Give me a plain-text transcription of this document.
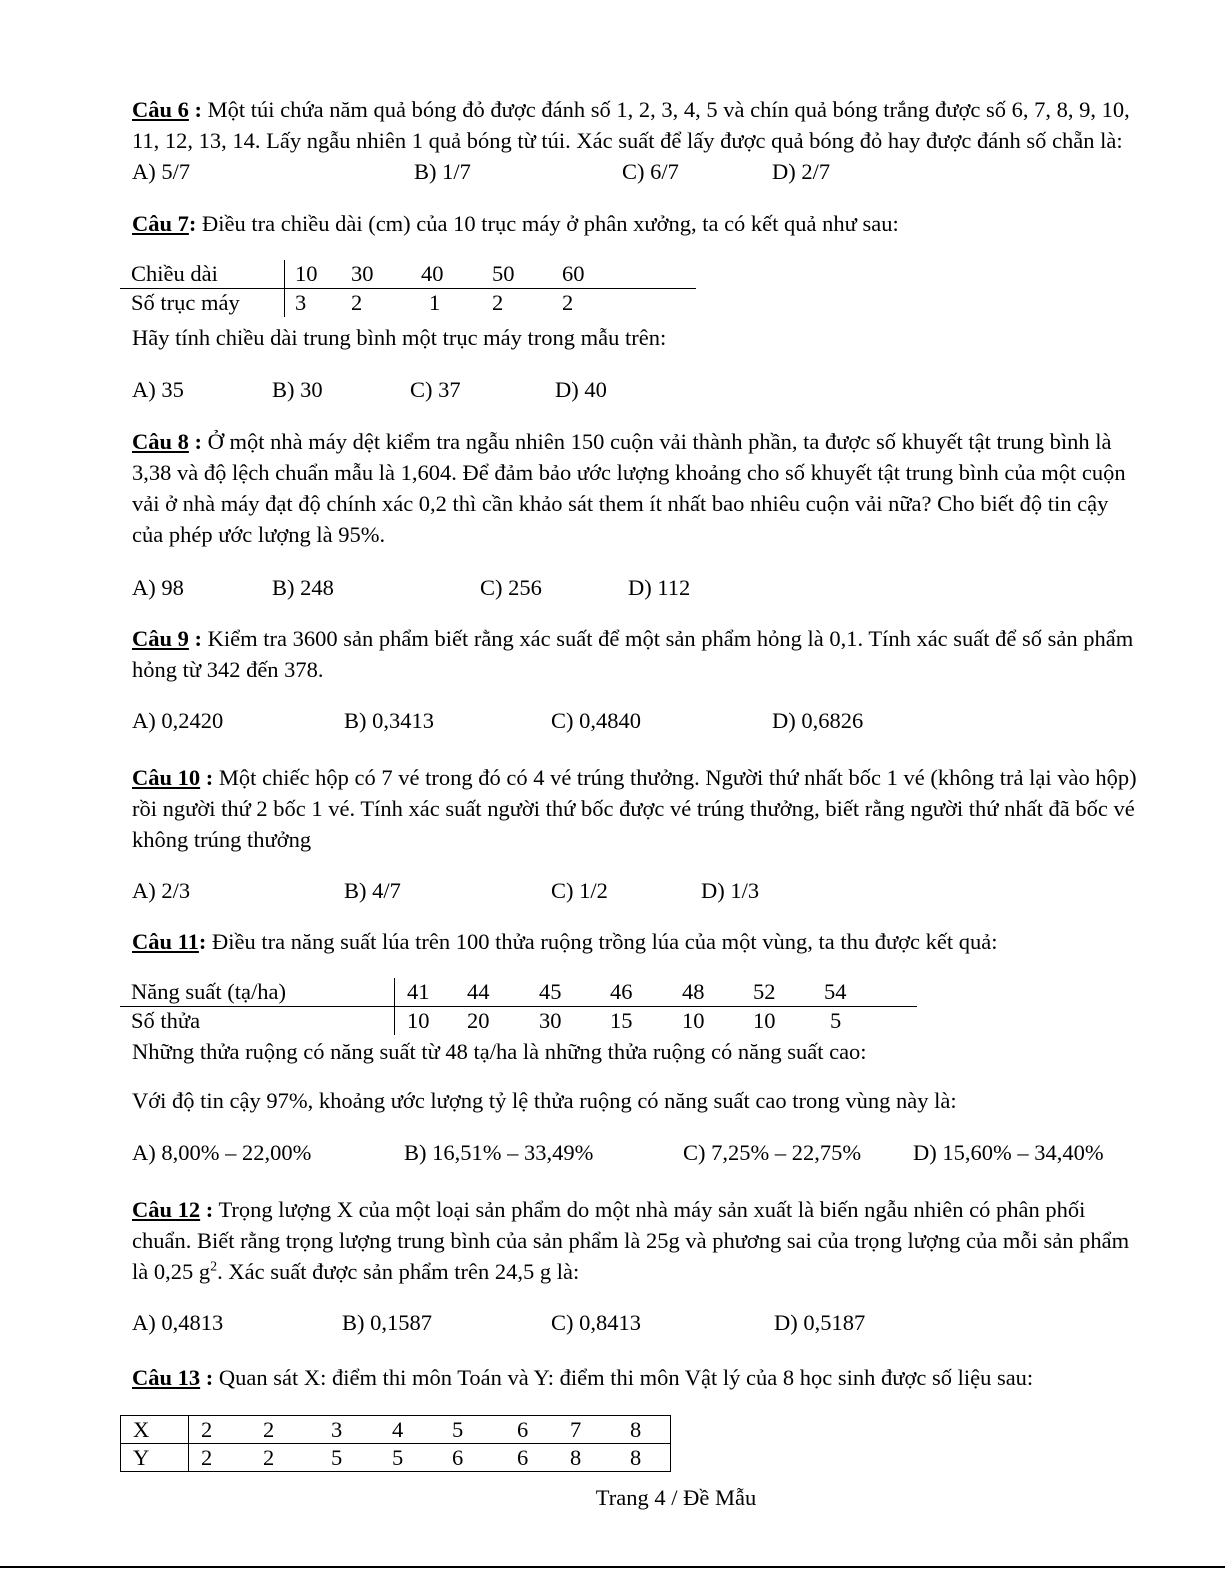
Câu 6 : Một túi chứa năm quả bóng đỏ được đánh số 1, 2, 3, 4, 5 và chín quả bóng trắng được số 6, 7, 8, 9, 10, 11, 12, 13, 14. Lấy ngẫu nhiên 1 quả bóng từ túi. Xác suất để lấy được quả bóng đỏ hay được đánh số chẵn là: A) 5/7	B) 1/7	C) 6/7	D) 2/7

Câu 7: Điều tra chiều dài (cm) của 10 trục máy ở phân xưởng, ta có kết quả như sau:

Chiều dài	10	30	40	50	60
Số trục máy	3	2	1	2	2
Hãy tính chiều dài trung bình một trục máy trong mẫu trên:
A) 35	B) 30	C) 37	D) 40

Câu 8 : Ở một nhà máy dệt kiểm tra ngẫu nhiên 150 cuộn vải thành phần, ta được số khuyết tật trung bình là 3,38 và độ lệch chuẩn mẫu là 1,604. Để đảm bảo ước lượng khoảng cho số khuyết tật trung bình của một cuộn vải ở nhà máy đạt độ chính xác 0,2 thì cần khảo sát them ít nhất bao nhiêu cuộn vải nữa? Cho biết độ tin cậy của phép ước lượng là 95%.

A) 98	B) 248	C) 256	D) 112

Câu 9 : Kiểm tra 3600 sản phẩm biết rằng xác suất để một sản phẩm hỏng là 0,1. Tính xác suất để số sản phẩm hỏng từ 342 đến 378.

A) 0,2420	B) 0,3413	C) 0,4840	D) 0,6826

Câu 10 : Một chiếc hộp có 7 vé trong đó có 4 vé trúng thưởng. Người thứ nhất bốc 1 vé (không trả lại vào hộp) rồi người thứ 2 bốc 1 vé. Tính xác suất người thứ bốc được vé trúng thưởng, biết rằng người thứ nhất đã bốc vé không trúng thưởng

A) 2/3	B) 4/7	C) 1/2	D) 1/3

Câu 11: Điều tra năng suất lúa trên 100 thửa ruộng trồng lúa của một vùng, ta thu được kết quả:

Năng suất (tạ/ha)	41	44	45	46	48	52	54
Số thửa	10	20	30	15	10	10	5
Những thửa ruộng có năng suất từ 48 tạ/ha là những thửa ruộng có năng suất cao:
Với độ tin cậy 97%, khoảng ước lượng tỷ lệ thửa ruộng có năng suất cao trong vùng này là:
A) 8,00% – 22,00%	B) 16,51% – 33,49%	C) 7,25% – 22,75% D) 15,60% – 34,40%

Câu 12 : Trọng lượng X của một loại sản phẩm do một nhà máy sản xuất là biến ngẫu nhiên có phân phối chuẩn. Biết rằng trọng lượng trung bình của sản phẩm là 25g và phương sai của trọng lượng của mỗi sản phẩm là 0,25 $g^2$. Xác suất được sản phẩm trên 24,5 g là:

A) 0,4813	B) 0,1587	C) 0,8413	D) 0,5187

Câu 13 : Quan sát X: điểm thi môn Toán và Y: điểm thi môn Vật lý của 8 học sinh được số liệu sau:

X	2	2	3	4	5	6	7	8
Y	2	2	5	5	6	6	8	8
Trang 4 / Đề Mẫu
